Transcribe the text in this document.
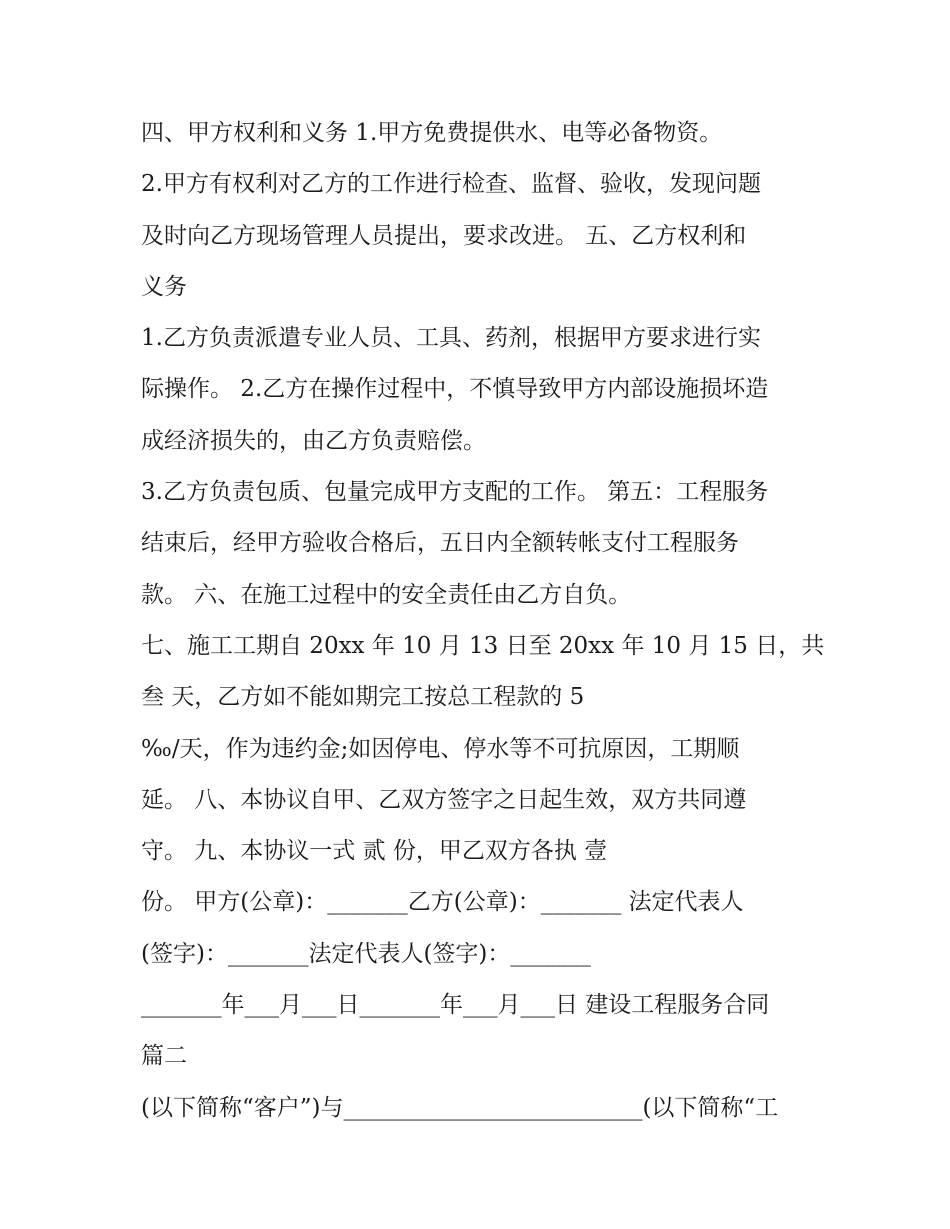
四、甲方权利和义务 1.甲方免费提供水、电等必备物资。
2.甲方有权利对乙方的工作进行检查、监督、验收，发现问题
及时向乙方现场管理人员提出，要求改进。 五、乙方权利和
义务
1.乙方负责派遣专业人员、工具、药剂，根据甲方要求进行实
际操作。 2.乙方在操作过程中，不慎导致甲方内部设施损坏造
成经济损失的，由乙方负责赔偿。
3.乙方负责包质、包量完成甲方支配的工作。 第五：工程服务
结束后，经甲方验收合格后，五日内全额转帐支付工程服务
款。 六、在施工过程中的安全责任由乙方自负。
七、施工工期自 20xx 年 10 月 13 日至 20xx 年 10 月 15 日，共
叁 天，乙方如不能如期完工按总工程款的 5
‰/天，作为违约金;如因停电、停水等不可抗原因，工期顺
延。 八、本协议自甲、乙双方签字之日起生效，双方共同遵
守。 九、本协议一式 贰 份，甲乙双方各执 壹
份。 甲方(公章)：_______乙方(公章)：_______ 法定代表人
(签字)：_______法定代表人(签字)：_______
_______年___月___日_______年___月___日 建设工程服务合同
篇二
(以下简称“客户”)与__________________________(以下简称“工
